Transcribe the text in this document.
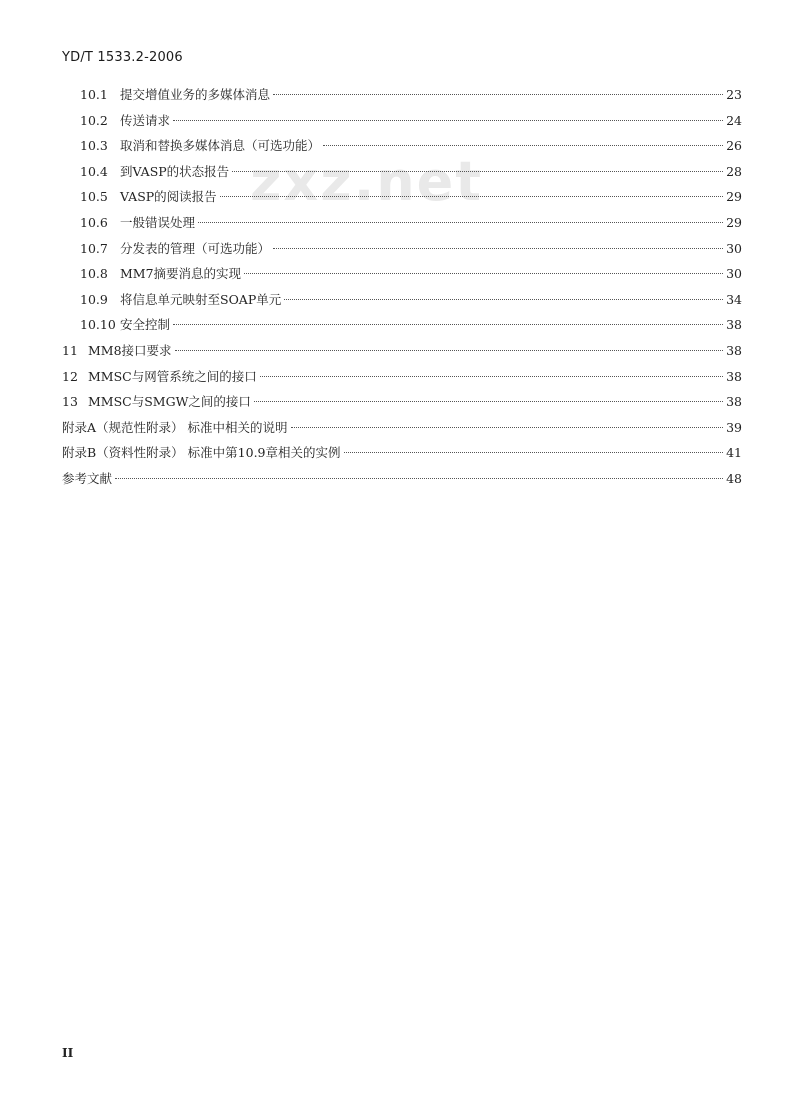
YD/T 1533.2-2006
zxz.net
10.1 提交增值业务的多媒体消息	23
10.2 传送请求	24
10.3 取消和替换多媒体消息（可选功能）	26
10.4 到VASP的状态报告	28
10.5 VASP的阅读报告	29
10.6 一般错误处理	29
10.7 分发表的管理（可选功能）	30
10.8 MM7摘要消息的实现	30
10.9 将信息单元映射至SOAP单元	34
10.10 安全控制	38
11 MM8接口要求	38
12 MMSC与网管系统之间的接口	38
13 MMSC与SMGW之间的接口	38
附录A（规范性附录） 标准中相关的说明	39
附录B（资料性附录） 标准中第10.9章相关的实例	41
参考文献	48
II
